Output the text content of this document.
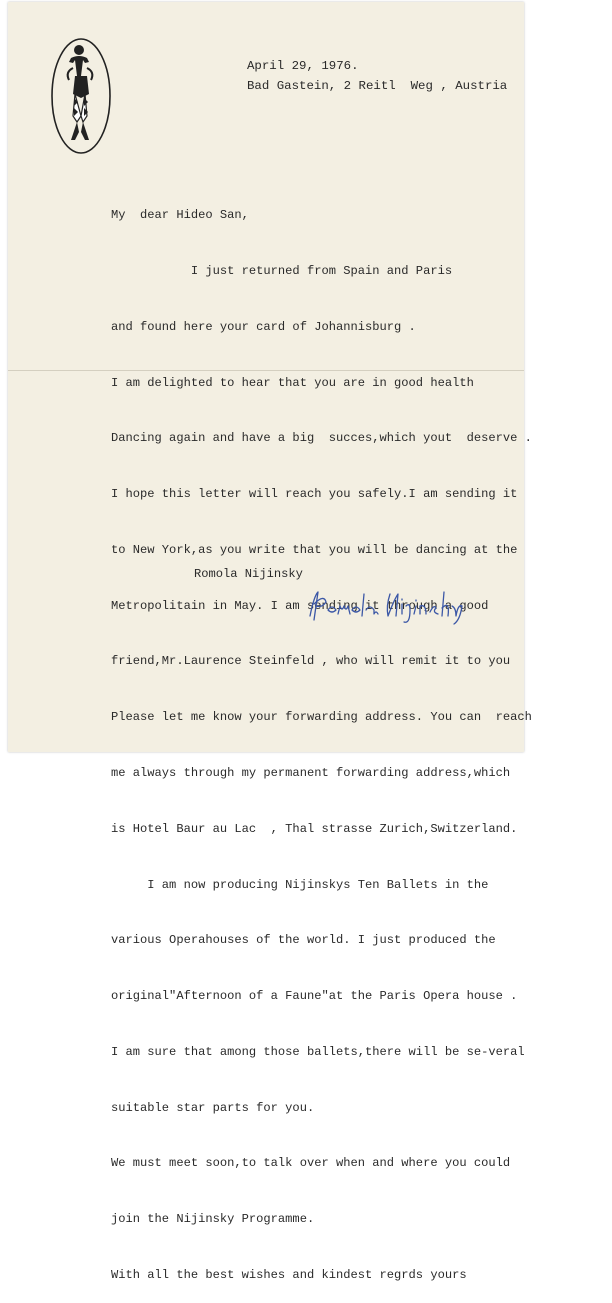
April 29, 1976.
Bad Gastein, 2 Reitl  Weg , Austria

My  dear Hideo San,

I just returned from Spain and Paris

and found here your card of Johannisburg .

I am delighted to hear that you are in good health

Dancing again and have a big  succes,which yout  deserve .

I hope this letter will reach you safely.I am sending it

to New York,as you write that you will be dancing at the

Metropolitain in May. I am sending it through a good

friend,Mr.Laurence Steinfeld , who will remit it to you

Please let me know your forwarding address. You can  reach

me always through my permanent forwarding address,which

is Hotel Baur au Lac  , Thal strasse Zurich,Switzerland.

I am now producing Nijinskys Ten Ballets in the

various Operahouses of the world. I just produced the

original"Afternoon of a Faune"at the Paris Opera house .

I am sure that among those ballets,there will be se-veral

suitable star parts for you.

We must meet soon,to talk over when and where you could

join the Nijinsky Programme.

With all the best wishes and kindest regrds yours

Romola Nijinsky
